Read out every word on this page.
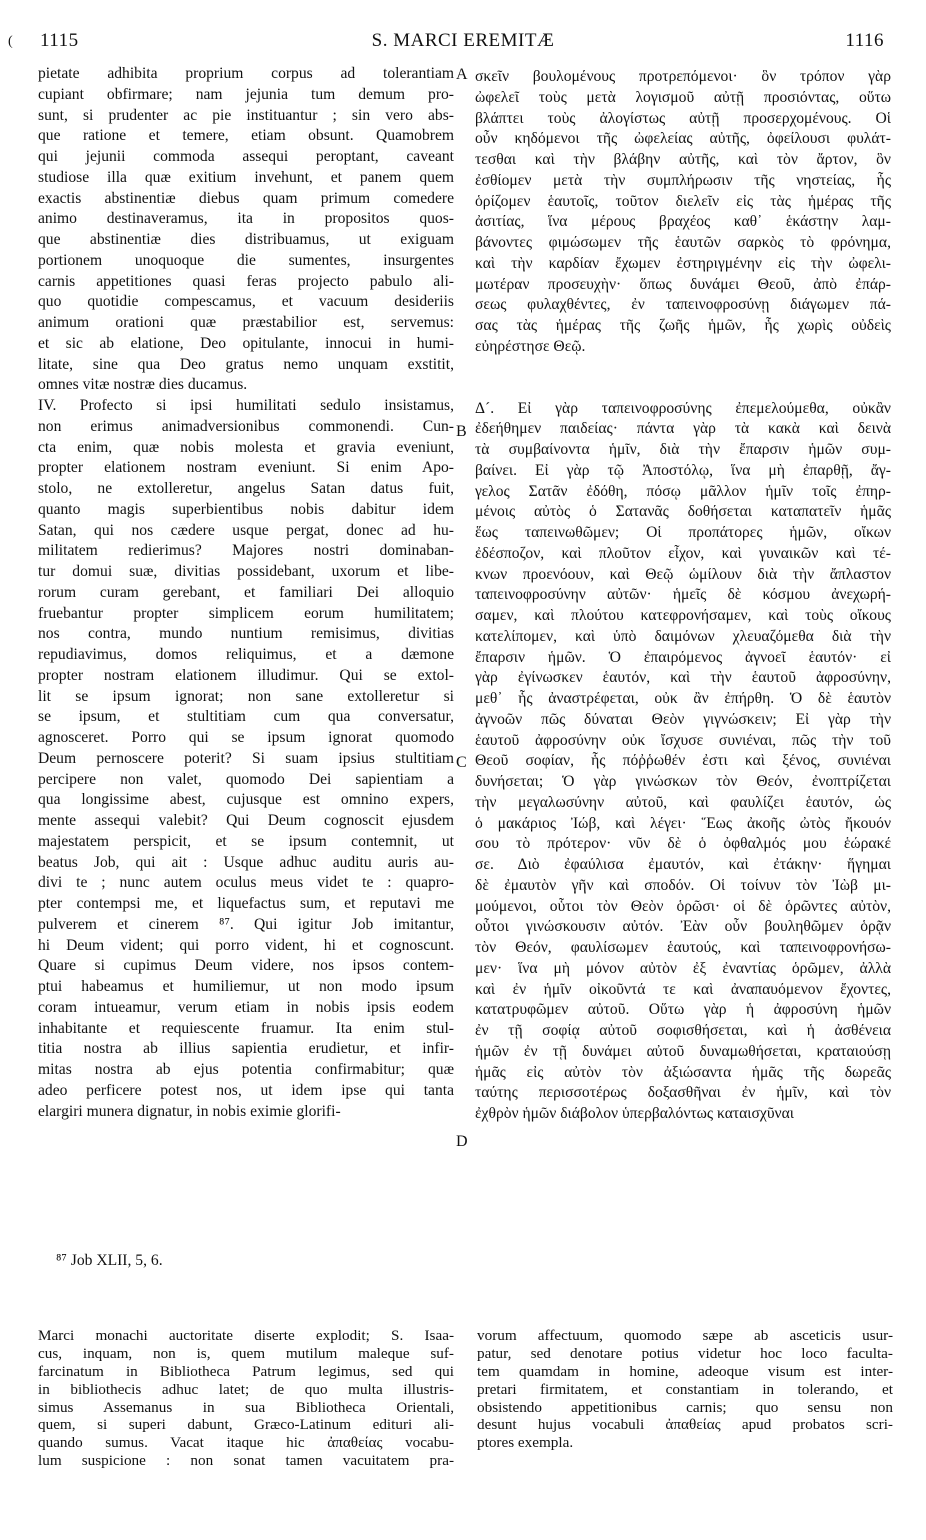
( 1115	S. MARCI EREMITÆ	1116
pietate adhibita proprium corpus ad tolerantiam
cupiant obfirmare; nam jejunia tum demum pro-
sunt, si prudenter ac pie instituantur ; sin vero abs-
que ratione et temere, etiam obsunt. Quamobrem
qui jejunii commoda assequi peroptant, caveant
studiose illa quæ exitium invehunt, et panem quem
exactis abstinentiæ diebus quam primum comedere
animo destinaveramus, ita in propositos quos-
que abstinentiæ dies distribuamus, ut exiguam
portionem unoquoque die sumentes, insurgentes
carnis appetitiones quasi feras projecto pabulo ali-
quo quotidie compescamus, et vacuum desideriis
animum orationi quæ præstabilior est, servemus:
et sic ab elatione, Deo opitulante, innocui in humi-
litate, sine qua Deo gratus nemo unquam exstitit,
omnes vitæ nostræ dies ducamus.
IV. Profecto si ipsi humilitati sedulo insistamus,
non erimus animadversionibus commonendi. Cun-
cta enim, quæ nobis molesta et gravia eveniunt,
propter elationem nostram eveniunt. Si enim Apo-
stolo, ne extolleretur, angelus Satan datus fuit,
quanto magis superbientibus nobis dabitur idem
Satan, qui nos cædere usque pergat, donec ad hu-
militatem redierimus? Majores nostri dominaban-
tur domui suæ, divitias possidebant, uxorum et libe-
rorum curam gerebant, et familiari Dei alloquio
fruebantur propter simplicem eorum humilitatem;
nos contra, mundo nuntium remisimus, divitias
repudiavimus, domos reliquimus, et a dæmone
propter nostram elationem illudimur. Qui se extol-
lit se ipsum ignorat; non sane extolleretur si
se ipsum, et stultitiam cum qua conversatur,
agnosceret. Porro qui se ipsum ignorat quomodo
Deum pernoscere poterit? Si suam ipsius stultitiam
percipere non valet, quomodo Dei sapientiam a
qua longissime abest, cujusque est omnino expers,
mente assequi valebit? Qui Deum cognoscit ejusdem
majestatem perspicit, et se ipsum contemnit, ut
beatus Job, qui ait : Usque adhuc auditu auris au-
divi te ; nunc autem oculus meus videt te : quapro-
pter contempsi me, et liquefactus sum, et reputavi me
pulverem et cinerem ⁸⁷. Qui igitur Job imitantur,
hi Deum vident; qui porro vident, hi et cognoscunt.
Quare si cupimus Deum videre, nos ipsos contem-
ptui habeamus et humiliemur, ut non modo ipsum
coram intueamur, verum etiam in nobis ipsis eodem
inhabitante et requiescente fruamur. Ita enim stul-
titia nostra ab illius sapientia erudietur, et infir-
mitas nostra ab ejus potentia confirmabitur; quæ
adeo perficere potest nos, ut idem ipse qui tanta
elargiri munera dignatur, in nobis eximie glorifi-
σκεῖν βουλομένους προτρεπόμενοι· ὃν τρόπον γὰρ
ὠφελεῖ τοὺς μετὰ λογισμοῦ αὐτῇ προσιόντας, οὕτω
βλάπτει τοὺς ἀλογίστως αὐτῇ προσερχομένους. Οἱ
οὖν κηδόμενοι τῆς ὠφελείας αὐτῆς, ὀφείλουσι φυλάτ-
τεσθαι καὶ τὴν βλάβην αὐτῆς, καὶ τὸν ἄρτον, ὃν
ἐσθίομεν μετὰ τὴν συμπλήρωσιν τῆς νηστείας, ἧς
ὁρίζομεν ἑαυτοῖς, τοῦτον διελεῖν εἰς τὰς ἡμέρας τῆς
ἀσιτίας, ἵνα μέρους βραχέος καθ᾿ ἑκάστην λαμ-
βάνοντες φιμώσωμεν τῆς ἑαυτῶν σαρκὸς τὸ φρόνημα,
καὶ τὴν καρδίαν ἔχωμεν ἐστηριγμένην εἰς τὴν ὠφελι-
μωτέραν προσευχὴν· ὅπως δυνάμει Θεοῦ, ἀπὸ ἐπάρ-
σεως φυλαχθέντες, ἐν ταπεινοφροσύνῃ διάγωμεν πά-
σας τὰς ἡμέρας τῆς ζωῆς ἡμῶν, ἧς χωρὶς οὐδεὶς
εὐηρέστησε Θεῷ.
Δ´. Εἰ γὰρ ταπεινοφροσύνης ἐπεμελούμεθα, οὐκἂν
ἐδεήθημεν παιδείας· πάντα γὰρ τὰ κακὰ καὶ δεινὰ
τὰ συμβαίνοντα ἡμῖν, διὰ τὴν ἔπαρσιν ἡμῶν συμ-
βαίνει. Εἰ γὰρ τῷ Ἀποστόλῳ, ἵνα μὴ ἐπαρθῇ, ἄγ-
γελος Σατᾶν ἐδόθη, πόσῳ μᾶλλον ἡμῖν τοῖς ἐπηρ-
μένοις αὐτὸς ὁ Σατανᾶς δοθήσεται καταπατεῖν ἡμᾶς
ἕως ταπεινωθῶμεν; Οἱ προπάτορες ἡμῶν, οἴκων
ἐδέσποζον, καὶ πλοῦτον εἶχον, καὶ γυναικῶν καὶ τέ-
κνων προενόουν, καὶ Θεῷ ὡμίλουν διὰ τὴν ἄπλαστον
ταπεινοφροσύνην αὐτῶν· ἡμεῖς δὲ κόσμου ἀνεχωρή-
σαμεν, καὶ πλούτου κατεφρονήσαμεν, καὶ τοὺς οἴκους
κατελίπομεν, καὶ ὑπὸ δαιμόνων χλευαζόμεθα διὰ τὴν
ἔπαρσιν ἡμῶν. Ὁ ἐπαιρόμενος ἀγνοεῖ ἑαυτόν· εἰ
γὰρ ἐγίνωσκεν ἑαυτόν, καὶ τὴν ἑαυτοῦ ἀφροσύνην,
μεθ᾿ ἧς ἀναστρέφεται, οὐκ ἂν ἐπήρθη. Ὁ δὲ ἑαυτὸν
ἀγνοῶν πῶς δύναται Θεὸν γιγνώσκειν; Εἰ γὰρ τὴν
ἑαυτοῦ ἀφροσύνην οὐκ ἴσχυσε συνιέναι, πῶς τὴν τοῦ
Θεοῦ σοφίαν, ἧς πόῤῥωθέν ἐστι καὶ ξένος, συνιέναι
δυνήσεται; Ὁ γὰρ γινώσκων τὸν Θεόν, ἐνοπτρίζεται
τὴν μεγαλωσύνην αὐτοῦ, καὶ φαυλίζει ἑαυτόν, ὡς
ὁ μακάριος Ἰώβ, καὶ λέγει· Ἕως ἀκοῆς ὠτὸς ἤκουόν
σου τὸ πρότερον· νῦν δὲ ὁ ὀφθαλμός μου ἑώρακέ
σε. Διὸ ἐφαύλισα ἐμαυτόν, καὶ ἐτάκην· ἥγημαι
δὲ ἐμαυτὸν γῆν καὶ σποδόν. Οἱ τοίνυν τὸν Ἰὼβ μι-
μούμενοι, οὗτοι τὸν Θεὸν ὁρῶσι· οἱ δὲ ὁρῶντες αὐτὸν,
οὗτοι γινώσκουσιν αὐτόν. Ἐὰν οὖν βουληθῶμεν ὁρᾷν
τὸν Θεόν, φαυλίσωμεν ἑαυτούς, καὶ ταπεινοφρονήσω-
μεν· ἵνα μὴ μόνον αὐτὸν ἐξ ἐναντίας ὁρῶμεν, ἀλλὰ
καὶ ἐν ἡμῖν οἰκοῦντά τε καὶ ἀναπαυόμενον ἔχοντες,
κατατρυφῶμεν αὐτοῦ. Οὕτω γὰρ ἡ ἀφροσύνη ἡμῶν
ἐν τῇ σοφίᾳ αὐτοῦ σοφισθήσεται, καὶ ἡ ἀσθένεια
ἡμῶν ἐν τῇ δυνάμει αὐτοῦ δυναμωθήσεται, κραταιούσῃ
ἡμᾶς εἰς αὐτὸν τὸν ἀξιώσαντα ἡμᾶς τῆς δωρεᾶς
ταύτης περισσοτέρως δοξασθῆναι ἐν ἡμῖν, καὶ τὸν
ἐχθρὸν ἡμῶν διάβολον ὑπερβαλόντως καταισχῦναι
A
B
C
D
⁸⁷ Job XLII, 5, 6.
Marci monachi auctoritate diserte explodit; S. Isaa-
cus, inquam, non is, quem mutilum maleque suf-
farcinatum in Bibliotheca Patrum legimus, sed qui
in bibliothecis adhuc latet; de quo multa illustris-
simus Assemanus in sua Bibliotheca Orientali,
quem, si superi dabunt, Græco-Latinum edituri ali-
quando sumus. Vacat itaque hic ἀπαθείας vocabu-
lum suspicione : non sonat tamen vacuitatem pra-
vorum affectuum, quomodo sæpe ab asceticis usur-
patur, sed denotare potius videtur hoc loco facultа-
tem quamdam in homine, adeoque visum est inter-
pretari firmitatem, et constantiam in tolerando, et
obsistendo appetitionibus carnis; quo sensu non
desunt hujus vocabuli ἀπαθείας apud probatos scri-
ptores exempla.
